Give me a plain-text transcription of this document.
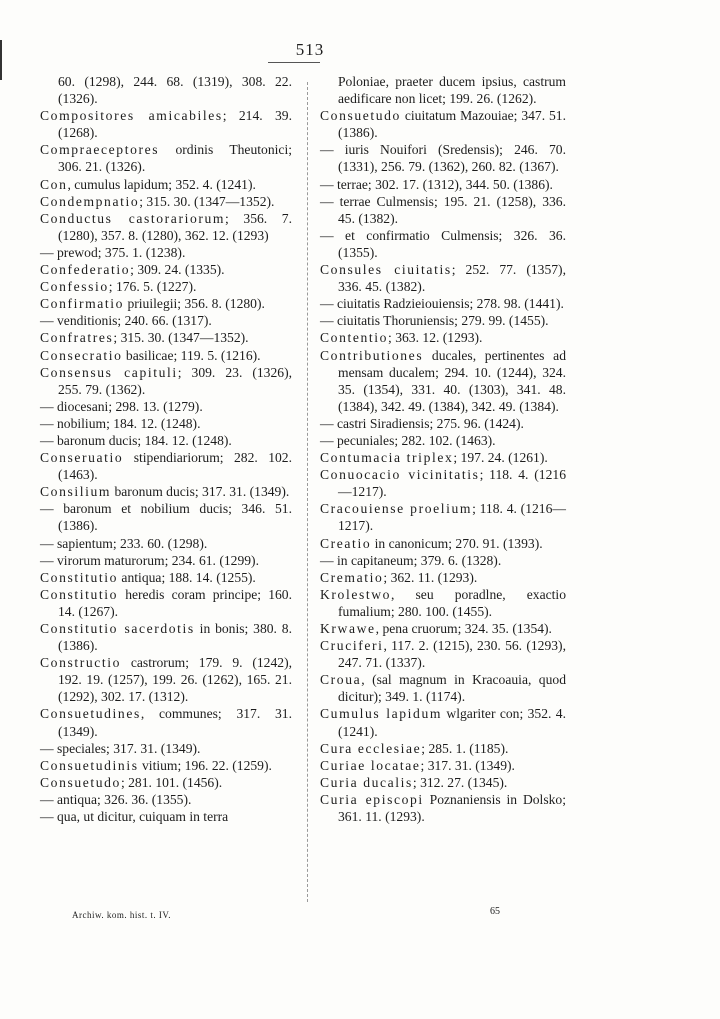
513
60. (1298), 244. 68. (1319), 308. 22. (1326).
Compositores amicabiles; 214. 39. (1268).
Compraeceptores ordinis Theutonici; 306. 21. (1326).
Con, cumulus lapidum; 352. 4. (1241).
Condempnatio; 315. 30. (1347—1352).
Conductus castorariorum; 356. 7. (1280), 357. 8. (1280), 362. 12. (1293)
— prewod; 375. 1. (1238).
Confederatio; 309. 24. (1335).
Confessio; 176. 5. (1227).
Confirmatio priuilegii; 356. 8. (1280).
— venditionis; 240. 66. (1317).
Confratres; 315. 30. (1347—1352).
Consecratio basilicae; 119. 5. (1216).
Consensus capituli; 309. 23. (1326), 255. 79. (1362).
— diocesani; 298. 13. (1279).
— nobilium; 184. 12. (1248).
— baronum ducis; 184. 12. (1248).
Conseruatio stipendiariorum; 282. 102. (1463).
Consilium baronum ducis; 317. 31. (1349).
— baronum et nobilium ducis; 346. 51. (1386).
— sapientum; 233. 60. (1298).
— virorum maturorum; 234. 61. (1299).
Constitutio antiqua; 188. 14. (1255).
Constitutio heredis coram principe; 160. 14. (1267).
Constitutio sacerdotis in bonis; 380. 8. (1386).
Constructio castrorum; 179. 9. (1242), 192. 19. (1257), 199. 26. (1262), 165. 21. (1292), 302. 17. (1312).
Consuetudines, communes; 317. 31. (1349).
— speciales; 317. 31. (1349).
Consuetudinis vitium; 196. 22. (1259).
Consuetudo; 281. 101. (1456).
— antiqua; 326. 36. (1355).
— qua, ut dicitur, cuiquam in terra
Poloniae, praeter ducem ipsius, castrum aedificare non licet; 199. 26. (1262).
Consuetudo ciuitatum Mazouiae; 347. 51. (1386).
— iuris Nouifori (Sredensis); 246. 70. (1331), 256. 79. (1362), 260. 82. (1367).
— terrae; 302. 17. (1312), 344. 50. (1386).
— terrae Culmensis; 195. 21. (1258), 336. 45. (1382).
— et confirmatio Culmensis; 326. 36. (1355).
Consules ciuitatis; 252. 77. (1357), 336. 45. (1382).
— ciuitatis Radzieiouiensis; 278. 98. (1441).
— ciuitatis Thoruniensis; 279. 99. (1455).
Contentio; 363. 12. (1293).
Contributiones ducales, pertinentes ad mensam ducalem; 294. 10. (1244), 324. 35. (1354), 331. 40. (1303), 341. 48. (1384), 342. 49. (1384), 342. 49. (1384).
— castri Siradiensis; 275. 96. (1424).
— pecuniales; 282. 102. (1463).
Contumacia triplex; 197. 24. (1261).
Conuocacio vicinitatis; 118. 4. (1216—1217).
Cracouiense proelium; 118. 4. (1216—1217).
Creatio in canonicum; 270. 91. (1393).
— in capitaneum; 379. 6. (1328).
Crematio; 362. 11. (1293).
Krolestwo, seu poradlne, exactio fumalium; 280. 100. (1455).
Krwawe, pena cruorum; 324. 35. (1354).
Cruciferi, 117. 2. (1215), 230. 56. (1293), 247. 71. (1337).
Croua, (sal magnum in Kracoauia, quod dicitur); 349. 1. (1174).
Cumulus lapidum wlgariter con; 352. 4. (1241).
Cura ecclesiae; 285. 1. (1185).
Curiae locatae; 317. 31. (1349).
Curia ducalis; 312. 27. (1345).
Curia episcopi Poznaniensis in Dolsko; 361. 11. (1293).
Archiw. kom. hist. t. IV.	65
